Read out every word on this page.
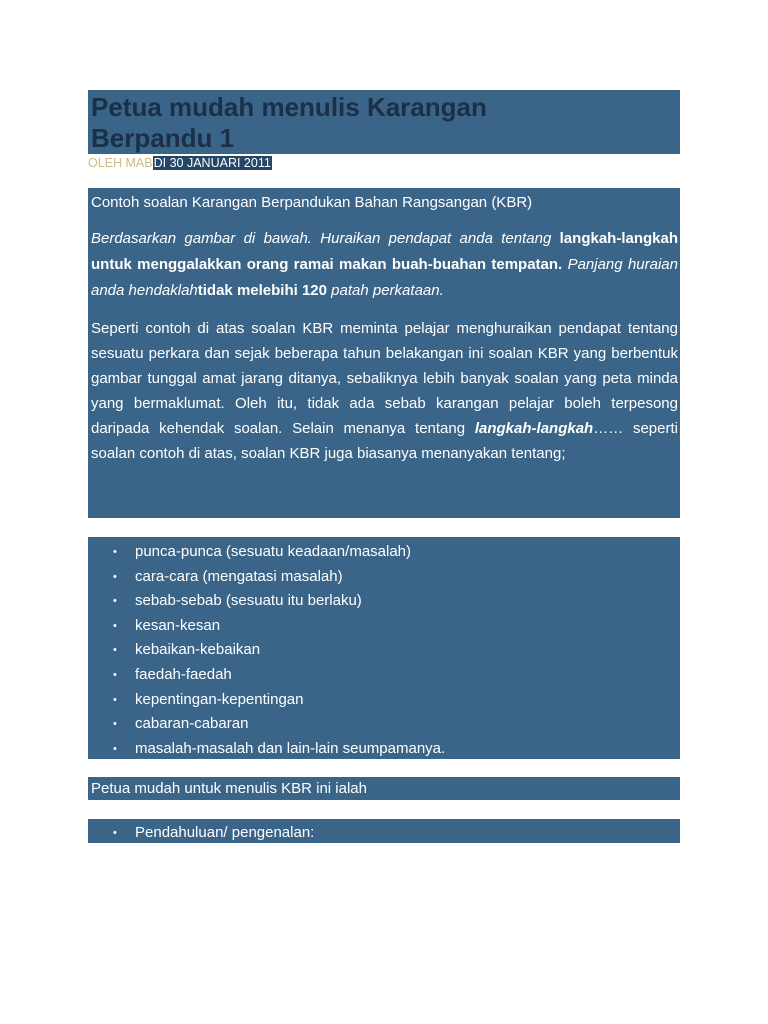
Petua mudah menulis Karangan
Berpandu 1
OLEH MABDI 30 JANUARI 2011

Contoh soalan Karangan Berpandukan Bahan Rangsangan (KBR)

Berdasarkan gambar di bawah. Huraikan pendapat anda tentang langkah-langkah untuk menggalakkan orang ramai makan buah-buahan tempatan. Panjang huraian anda hendaklahtidak melebihi 120 patah perkataan.

Seperti contoh di atas soalan KBR meminta pelajar menghuraikan pendapat tentang sesuatu perkara dan sejak beberapa tahun belakangan ini soalan KBR yang berbentuk gambar tunggal amat jarang ditanya, sebaliknya lebih banyak soalan yang peta minda yang bermaklumat. Oleh itu, tidak ada sebab karangan pelajar boleh terpesong daripada kehendak soalan. Selain menanya tentang langkah-langkah…… seperti soalan contoh di atas, soalan KBR juga biasanya menanyakan tentang;

• punca-punca (sesuatu keadaan/masalah)
• cara-cara (mengatasi masalah)
• sebab-sebab (sesuatu itu berlaku)
• kesan-kesan
• kebaikan-kebaikan
• faedah-faedah
• kepentingan-kepentingan
• cabaran-cabaran
• masalah-masalah dan lain-lain seumpamanya.
Petua mudah untuk menulis KBR ini ialah
• Pendahuluan/ pengenalan:
